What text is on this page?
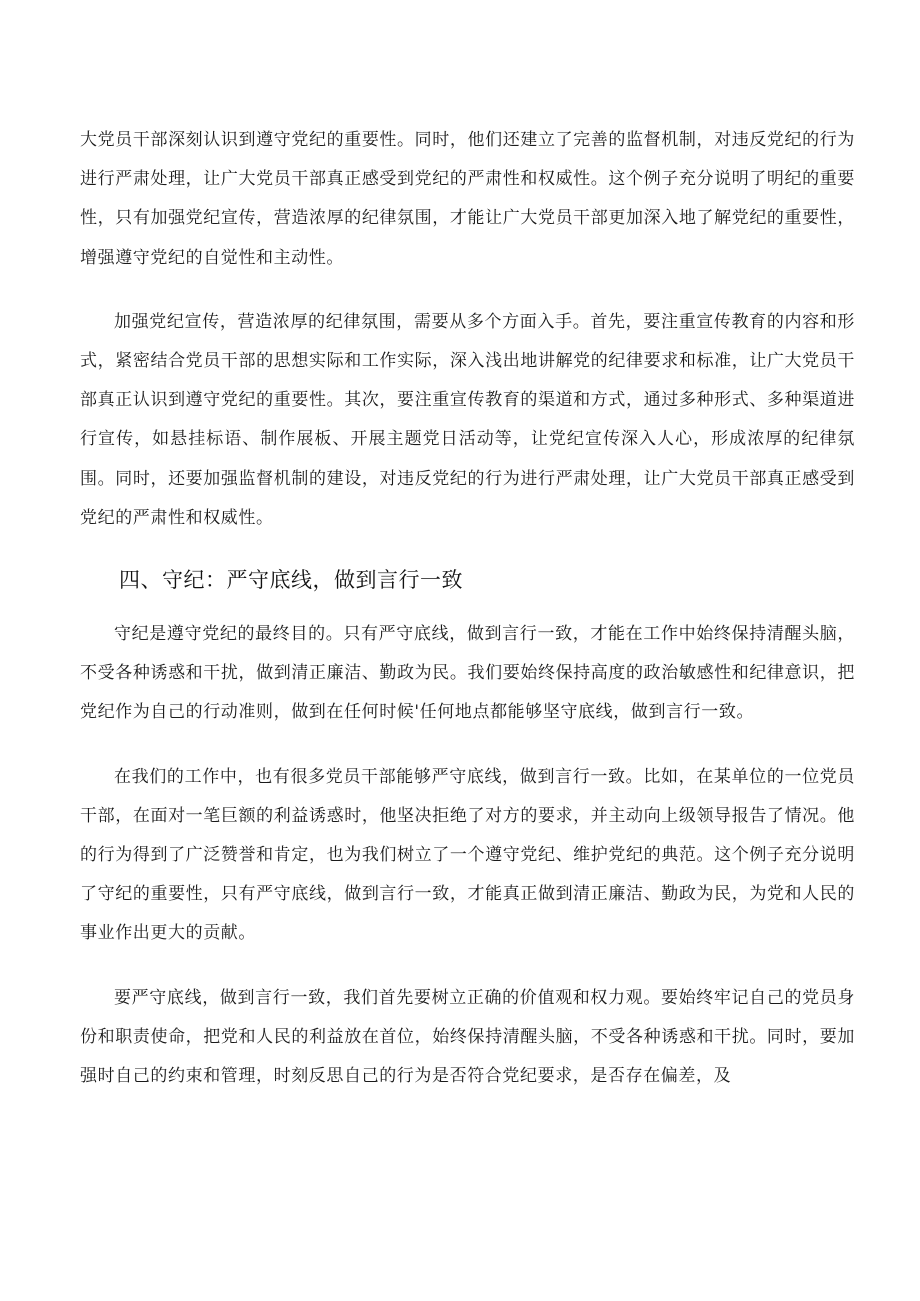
大党员干部深刻认识到遵守党纪的重要性。同时，他们还建立了完善的监督机制，对违反党纪的行为进行严肃处理，让广大党员干部真正感受到党纪的严肃性和权威性。这个例子充分说明了明纪的重要性，只有加强党纪宣传，营造浓厚的纪律氛围，才能让广大党员干部更加深入地了解党纪的重要性，增强遵守党纪的自觉性和主动性。

加强党纪宣传，营造浓厚的纪律氛围，需要从多个方面入手。首先，要注重宣传教育的内容和形式，紧密结合党员干部的思想实际和工作实际，深入浅出地讲解党的纪律要求和标准，让广大党员干部真正认识到遵守党纪的重要性。其次，要注重宣传教育的渠道和方式，通过多种形式、多种渠道进行宣传，如悬挂标语、制作展板、开展主题党日活动等，让党纪宣传深入人心，形成浓厚的纪律氛围。同时，还要加强监督机制的建设，对违反党纪的行为进行严肃处理，让广大党员干部真正感受到党纪的严肃性和权威性。

四、守纪：严守底线，做到言行一致

守纪是遵守党纪的最终目的。只有严守底线，做到言行一致，才能在工作中始终保持清醒头脑，不受各种诱惑和干扰，做到清正廉洁、勤政为民。我们要始终保持高度的政治敏感性和纪律意识，把党纪作为自己的行动准则，做到在任何时候'任何地点都能够坚守底线，做到言行一致。

在我们的工作中，也有很多党员干部能够严守底线，做到言行一致。比如，在某单位的一位党员干部，在面对一笔巨额的利益诱惑时，他坚决拒绝了对方的要求，并主动向上级领导报告了情况。他的行为得到了广泛赞誉和肯定，也为我们树立了一个遵守党纪、维护党纪的典范。这个例子充分说明了守纪的重要性，只有严守底线，做到言行一致，才能真正做到清正廉洁、勤政为民，为党和人民的事业作出更大的贡献。

要严守底线，做到言行一致，我们首先要树立正确的价值观和权力观。要始终牢记自己的党员身份和职责使命，把党和人民的利益放在首位，始终保持清醒头脑，不受各种诱惑和干扰。同时，要加强时自己的约束和管理，时刻反思自己的行为是否符合党纪要求，是否存在偏差，及
